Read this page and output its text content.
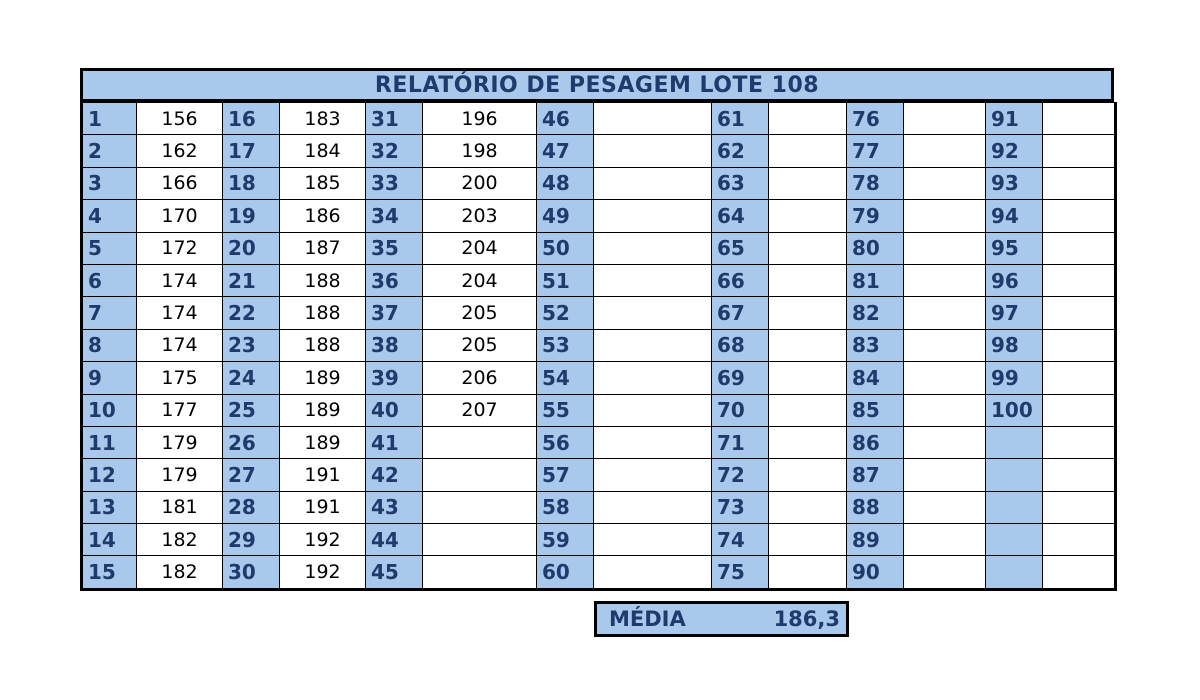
RELATÓRIO DE PESAGEM LOTE 108
1	156	16	183	31	196	46		61		76		91	
2	162	17	184	32	198	47		62		77		92	
3	166	18	185	33	200	48		63		78		93	
4	170	19	186	34	203	49		64		79		94	
5	172	20	187	35	204	50		65		80		95	
6	174	21	188	36	204	51		66		81		96	
7	174	22	188	37	205	52		67		82		97	
8	174	23	188	38	205	53		68		83		98	
9	175	24	189	39	206	54		69		84		99	
10	177	25	189	40	207	55		70		85		100	
11	179	26	189	41		56		71		86			
12	179	27	191	42		57		72		87			
13	181	28	191	43		58		73		88			
14	182	29	192	44		59		74		89			
15	182	30	192	45		60		75		90			
MÉDIA	186,3
